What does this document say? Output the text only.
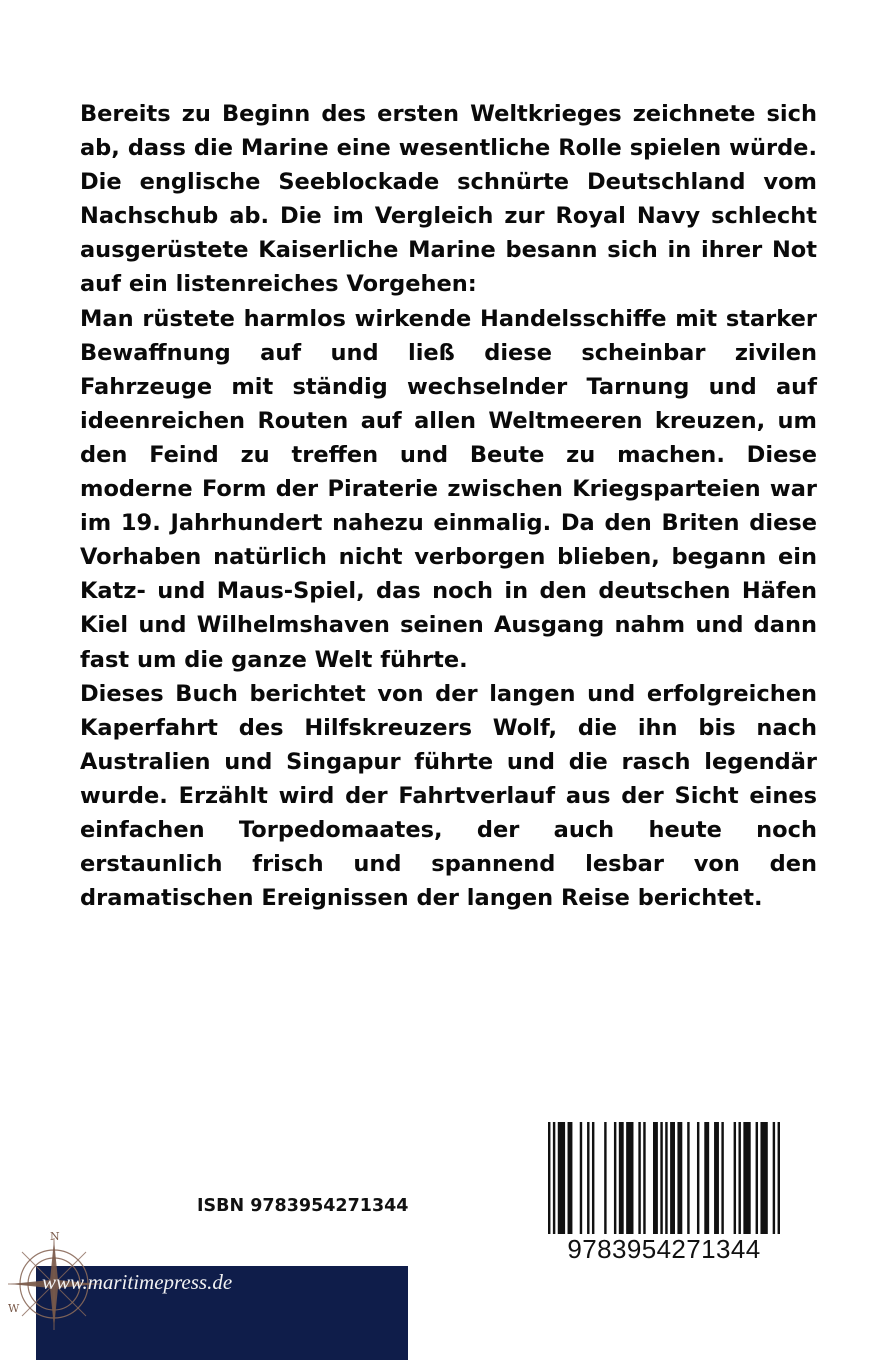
Bereits zu Beginn des ersten Weltkrieges zeichnete sich ab, dass die Marine eine wesentliche Rolle spielen würde. Die englische Seeblockade schnürte Deutschland vom Nachschub ab. Die im Vergleich zur Royal Navy schlecht ausgerüstete Kaiserliche Marine besann sich in ihrer Not auf ein listenreiches Vorgehen:

Man rüstete harmlos wirkende Handelsschiffe mit starker Bewaffnung auf und ließ diese scheinbar zivilen Fahrzeuge mit ständig wechselnder Tarnung und auf ideenreichen Routen auf allen Weltmeeren kreuzen, um den Feind zu treffen und Beute zu machen. Diese moderne Form der Piraterie zwischen Kriegsparteien war im 19. Jahrhundert nahezu einmalig. Da den Briten diese Vorhaben natürlich nicht verborgen blieben, begann ein Katz- und Maus-Spiel, das noch in den deutschen Häfen Kiel und Wilhelmshaven seinen Ausgang nahm und dann fast um die ganze Welt führte.

Dieses Buch berichtet von der langen und erfolgreichen Kaperfahrt des Hilfskreuzers Wolf, die ihn bis nach Australien und Singapur führte und die rasch legendär wurde. Erzählt wird der Fahrtverlauf aus der Sicht eines einfachen Torpedomaates, der auch heute noch erstaunlich frisch und spannend lesbar von den dramatischen Ereignissen der langen Reise berichtet.

ISBN 9783954271344
9783954271344
N
W
www.maritimepress.de
